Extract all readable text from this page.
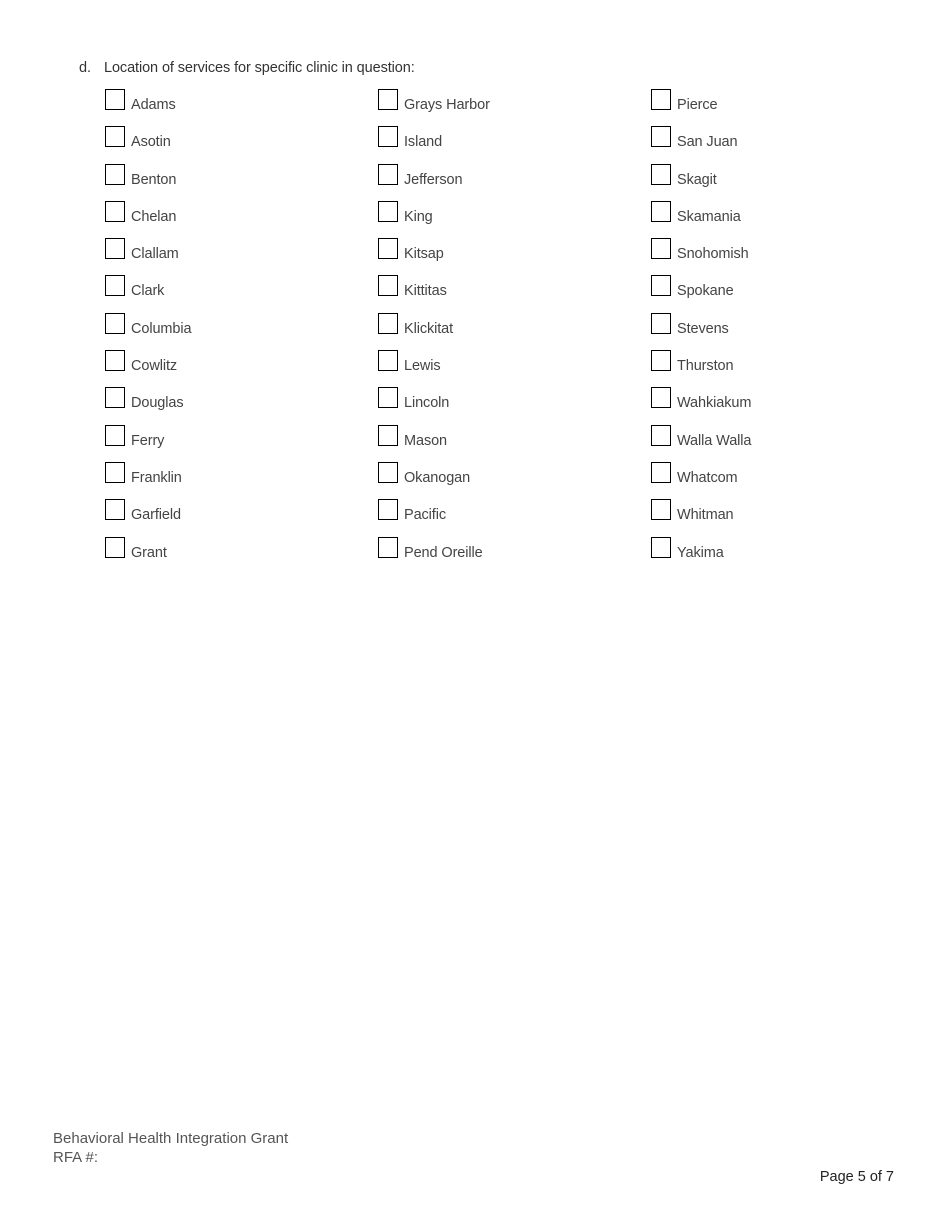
d. Location of services for specific clinic in question:
Adams
Asotin
Benton
Chelan
Clallam
Clark
Columbia
Cowlitz
Douglas
Ferry
Franklin
Garfield
Grant
Grays Harbor
Island
Jefferson
King
Kitsap
Kittitas
Klickitat
Lewis
Lincoln
Mason
Okanogan
Pacific
Pend Oreille
Pierce
San Juan
Skagit
Skamania
Snohomish
Spokane
Stevens
Thurston
Wahkiakum
Walla Walla
Whatcom
Whitman
Yakima
Behavioral Health Integration Grant
RFA #:
Page 5 of 7
